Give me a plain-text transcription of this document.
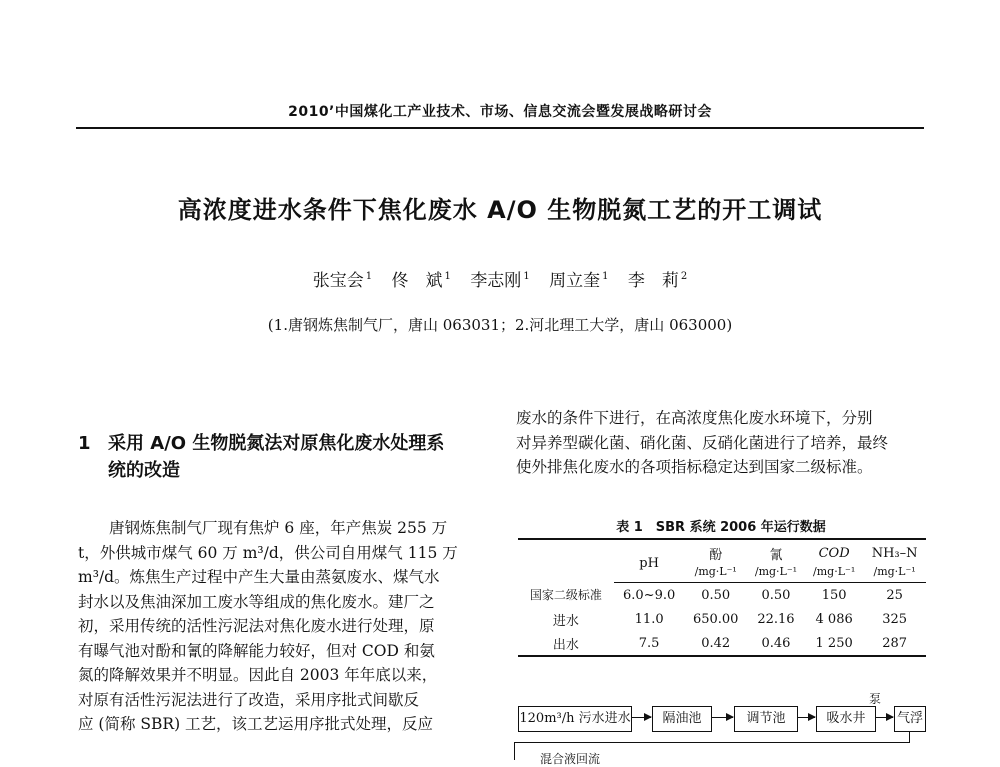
2010’中国煤化工产业技术、市场、信息交流会暨发展战略研讨会
高浓度进水条件下焦化废水 A/O 生物脱氮工艺的开工调试
张宝会 $^1$ 佟　斌 $^1$ 李志刚 $^1$ 周立奎 $^1$ 李　莉 $^2$
(1.唐钢炼焦制气厂，唐山 063031；2.河北理工大学，唐山 063000)
1 采用 A/O 生物脱氮法对原焦化废水处理系
统的改造
　　唐钢炼焦制气厂现有焦炉 6 座，年产焦炭 255 万
t，外供城市煤气 60 万 m³/d，供公司自用煤气 115 万
m³/d。炼焦生产过程中产生大量由蒸氨废水、煤气水
封水以及焦油深加工废水等组成的焦化废水。建厂之
初，采用传统的活性污泥法对焦化废水进行处理，原
有曝气池对酚和氰的降解能力较好，但对 COD 和氨
氮的降解效果并不明显。因此自 2003 年年底以来，
对原有活性污泥法进行了改造，采用序批式间歇反
应 (简称 SBR) 工艺，该工艺运用序批式处理，反应
废水的条件下进行，在高浓度焦化废水环境下，分别
对异养型碳化菌、硝化菌、反硝化菌进行了培养，最终
使外排焦化废水的各项指标稳定达到国家二级标准。
表 1　SBR 系统 2006 年运行数据
	pH	酚	氰	COD	NH₃–N
		/mg·L⁻¹	/mg·L⁻¹	/mg·L⁻¹	/mg·L⁻¹
国家二级标准	6.0~9.0	0.50	0.50	150	25
进水	11.0	650.00	22.16	4 086	325
出水	7.5	0.42	0.46	1 250	287
120m³/h 污水进水	隔油池	调节池	吸水井
泵
气浮
混合液回流
